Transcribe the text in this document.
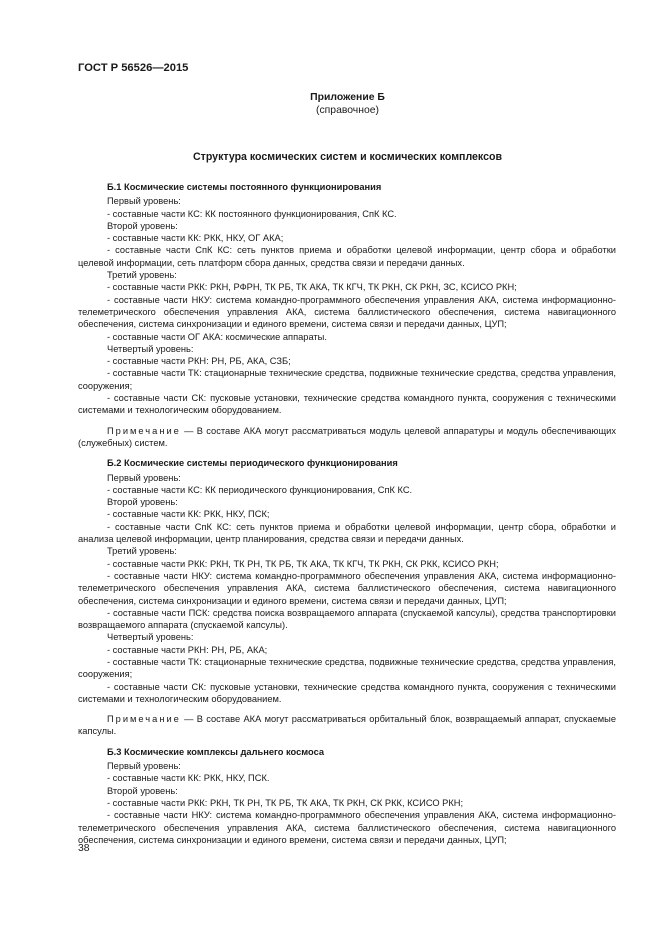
ГОСТ Р 56526—2015
Приложение Б
(справочное)
Структура космических систем и космических комплексов
Б.1 Космические системы постоянного функционирования
Первый уровень:
- составные части КС: КК постоянного функционирования, СпК КС.
Второй уровень:
- составные части КК: РКК, НКУ, ОГ АКА;
- составные части СпК КС: сеть пунктов приема и обработки целевой информации, центр сбора и обработки целевой информации, сеть платформ сбора данных, средства связи и передачи данных.
Третий уровень:
- составные части РКК: РКН, РФРН, ТК РБ, ТК АКА, ТК КГЧ, ТК РКН, СК РКН, ЗС, КСИСО РКН;
- составные части НКУ: система командно-программного обеспечения управления АКА, система информационно-телеметрического обеспечения управления АКА, система баллистического обеспечения, система навигационного обеспечения, система синхронизации и единого времени, система связи и передачи данных, ЦУП;
- составные части ОГ АКА: космические аппараты.
Четвертый уровень:
- составные части РКН: РН, РБ, АКА, СЗБ;
- составные части ТК: стационарные технические средства, подвижные технические средства, средства управления, сооружения;
- составные части СК: пусковые установки, технические средства командного пункта, сооружения с техническими системами и технологическим оборудованием.
Примечание — В составе АКА могут рассматриваться модуль целевой аппаратуры и модуль обеспечивающих (служебных) систем.
Б.2 Космические системы периодического функционирования
Первый уровень:
- составные части КС: КК периодического функционирования, СпК КС.
Второй уровень:
- составные части КК: РКК, НКУ, ПСК;
- составные части СпК КС: сеть пунктов приема и обработки целевой информации, центр сбора, обработки и анализа целевой информации, центр планирования, средства связи и передачи данных.
Третий уровень:
- составные части РКК: РКН, ТК РН, ТК РБ, ТК АКА, ТК КГЧ, ТК РКН, СК РКК, КСИСО РКН;
- составные части НКУ: система командно-программного обеспечения управления АКА, система информационно-телеметрического обеспечения управления АКА, система баллистического обеспечения, система навигационного обеспечения, система синхронизации и единого времени, система связи и передачи данных, ЦУП;
- составные части ПСК: средства поиска возвращаемого аппарата (спускаемой капсулы), средства транспортировки возвращаемого аппарата (спускаемой капсулы).
Четвертый уровень:
- составные части РКН: РН, РБ, АКА;
- составные части ТК: стационарные технические средства, подвижные технические средства, средства управления, сооружения;
- составные части СК: пусковые установки, технические средства командного пункта, сооружения с техническими системами и технологическим оборудованием.
Примечание — В составе АКА могут рассматриваться орбитальный блок, возвращаемый аппарат, спускаемые капсулы.
Б.3 Космические комплексы дальнего космоса
Первый уровень:
- составные части КК: РКК, НКУ, ПСК.
Второй уровень:
- составные части РКК: РКН, ТК РН, ТК РБ, ТК АКА, ТК РКН, СК РКК, КСИСО РКН;
- составные части НКУ: система командно-программного обеспечения управления АКА, система информационно-телеметрического обеспечения управления АКА, система баллистического обеспечения, система навигационного обеспечения, система синхронизации и единого времени, система связи и передачи данных, ЦУП;
38
